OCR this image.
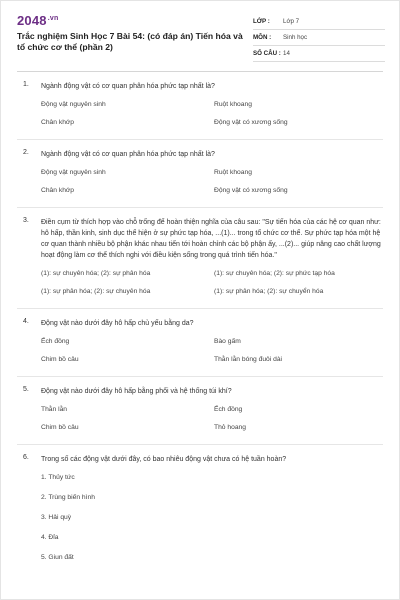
$2048^{.vn}$
Trắc nghiệm Sinh Học 7 Bài 54: (có đáp án) Tiến hóa và tổ chức cơ thể (phần 2)
LỚP :	Lớp 7
MÔN :	Sinh học
SỐ CÂU : 14
1. Ngành động vật có cơ quan phân hóa phức tạp nhất là?
Động vật nguyên sinh	Ruột khoang
Chân khớp	Động vật có xương sống
2. Ngành động vật có cơ quan phân hóa phức tạp nhất là?
Động vật nguyên sinh	Ruột khoang
Chân khớp	Động vật có xương sống
3. Điền cụm từ thích hợp vào chỗ trống để hoàn thiện nghĩa của câu sau: "Sự tiến hóa của các hệ cơ quan như: hô hấp, thần kinh, sinh dục thể hiện ở sự phức tạp hóa, ...(1)... trong tổ chức cơ thể. Sự phức tạp hóa một hệ cơ quan thành nhiều bộ phận khác nhau tiến tới hoàn chỉnh các bộ phận ấy, ...(2)... giúp nâng cao chất lượng hoạt động làm cơ thể thích nghi với điều kiện sống trong quá trình tiến hóa."
(1): sự chuyên hóa; (2): sự phân hóa	(1): sự chuyên hóa; (2): sự phức tạp hóa
(1): sự phân hóa; (2): sự chuyên hóa	(1): sự phân hóa; (2): sự chuyển hóa
4. Động vật nào dưới đây hô hấp chủ yếu bằng da?
Ếch đồng	Bào gấm
Chim bồ câu	Thằn lằn bóng đuôi dài
5. Động vật nào dưới đây hô hấp bằng phổi và hệ thống túi khí?
Thằn lằn	Ếch đồng
Chim bồ câu	Thỏ hoang
6. Trong số các động vật dưới đây, có bao nhiêu động vật chưa có hệ tuần hoàn?
1. Thủy tức
2. Trùng biến hình
3. Hải quỳ
4. Đỉa
5. Giun đất
